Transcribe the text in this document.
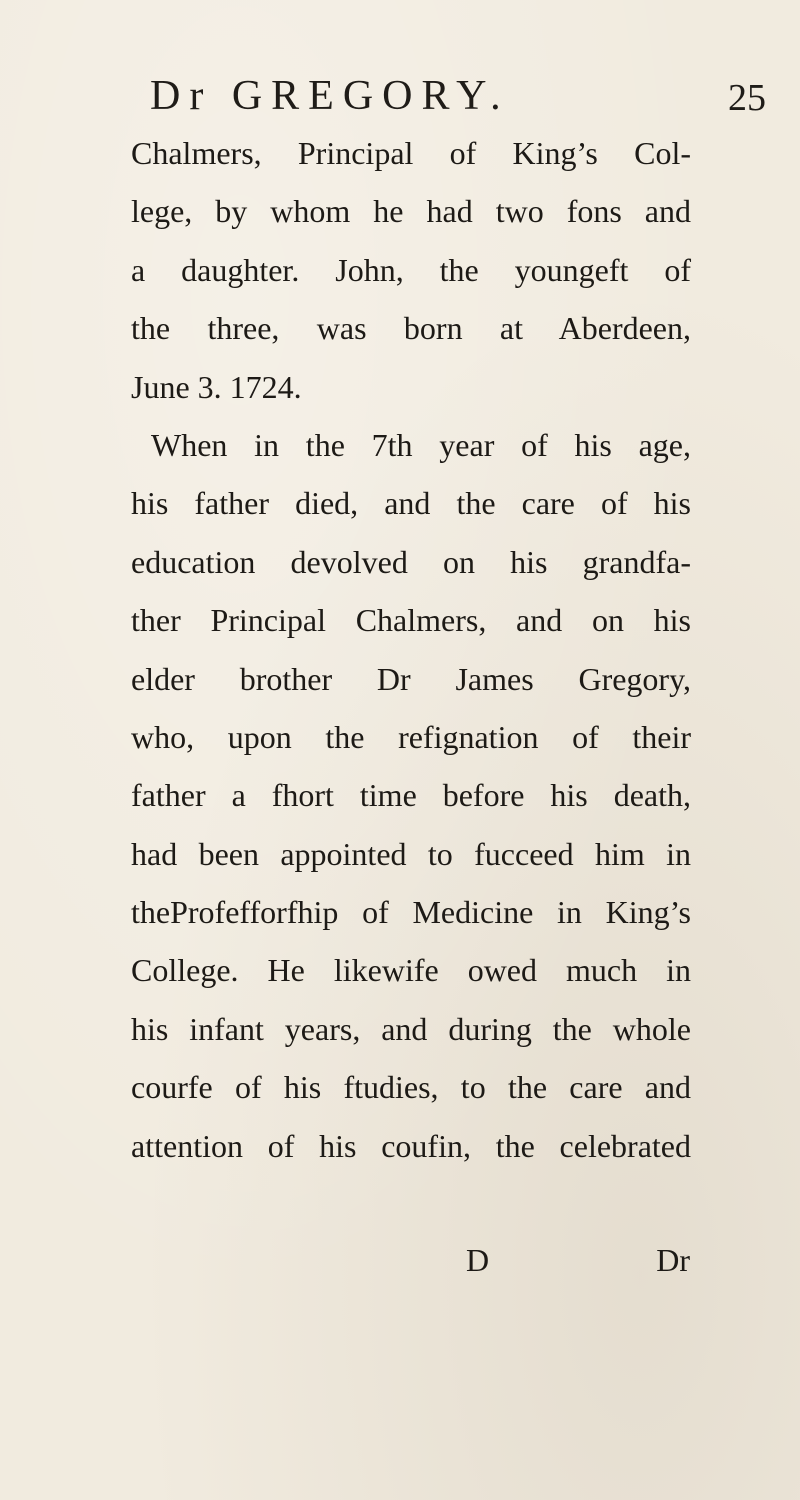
Dr GREGORY.	25
Chalmers, Principal of King’s Col-
lege, by whom he had two fons and
a daughter. John, the youngeft of
the three, was born at Aberdeen,
June 3. 1724.
When in the 7th year of his age,
his father died, and the care of his
education devolved on his grandfa-
ther Principal Chalmers, and on his
elder brother Dr James Gregory,
who, upon the refignation of their
father a fhort time before his death,
had been appointed to fucceed him in
theProfefforfhip of Medicine in King’s
College. He likewife owed much in
his infant years, and during the whole
courfe of his ftudies, to the care and
attention of his coufin, the celebrated
D	Dr
